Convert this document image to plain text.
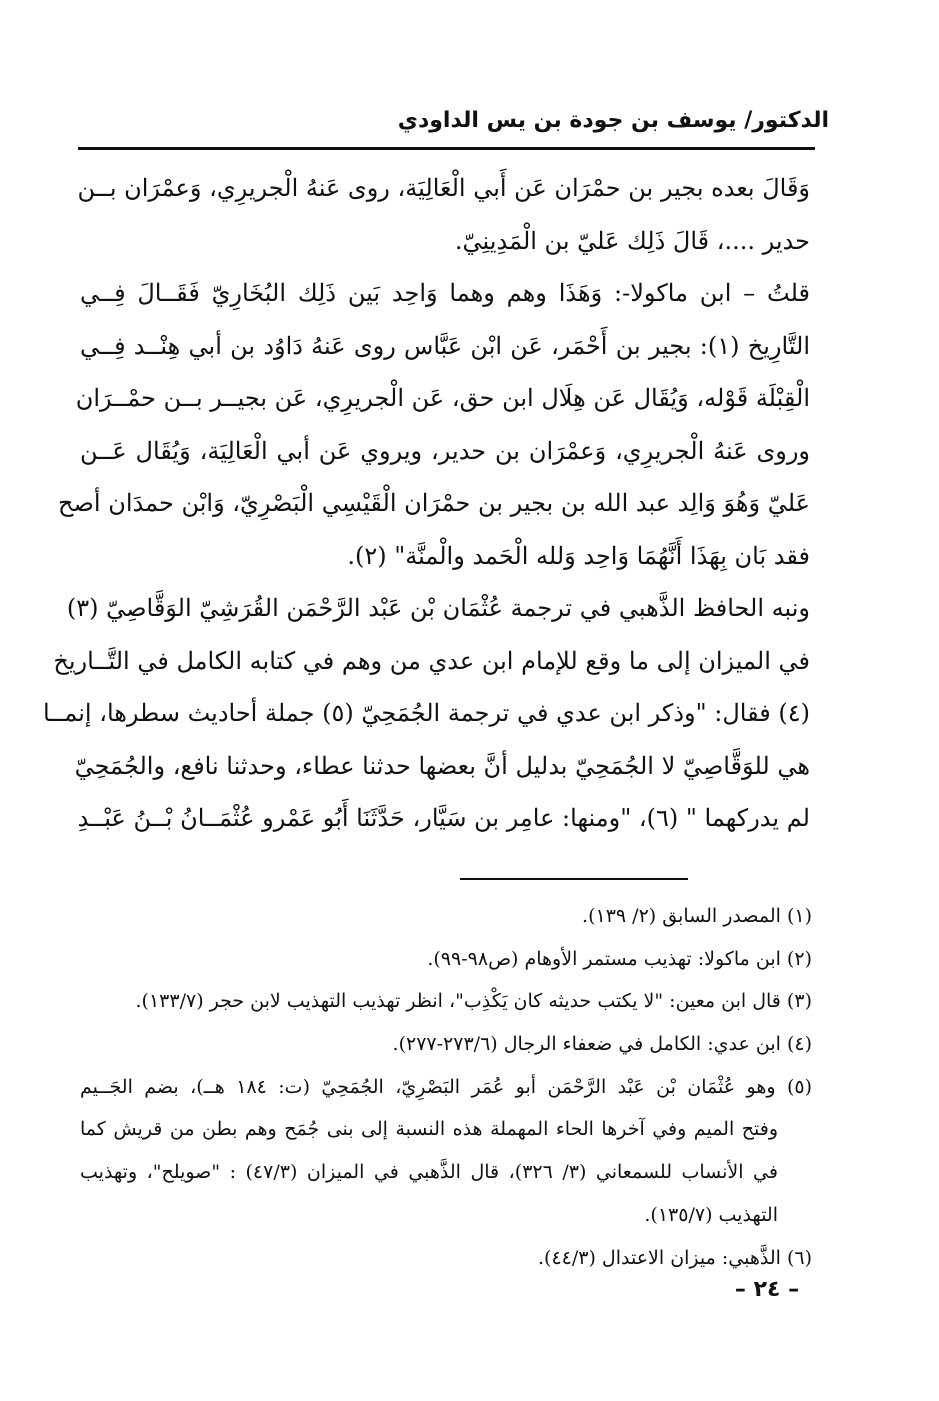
الدكتور/ يوسف بن جودة بن يس الداودي
وَقَالَ بعده بجير بن حمْرَان عَن أَبي الْعَالِيَة، روى عَنهُ الْجريرِي، وَعمْرَان بــن
حدير ....، قَالَ ذَلِك عَليّ بن الْمَدِينِيّ.
قلتُ – ابن ماكولا-: وَهَذَا وهم وهما وَاحِد بَين ذَلِك البُخَارِيّ فَقَــالَ فِــي
التَّارِيخ (١): بجير بن أَحْمَر، عَن ابْن عَبَّاس روى عَنهُ دَاوُد بن أبي هِنْــد فِــي
الْقِبْلَة قَوْله، وَيُقَال عَن هِلَال ابن حق، عَن الْجريرِي، عَن بجيــر بــن حمْــرَان
وروى عَنهُ الْجريرِي، وَعمْرَان بن حدير، ويروي عَن أبي الْعَالِيَة، وَيُقَال عَــن
عَليّ وَهُوَ وَالِد عبد الله بن بجير بن حمْرَان الْقَيْسِي الْبَصْرِيّ، وَابْن حمدَان أصح
فقد بَان بِهَذَا أَنَّهُمَا وَاحِد وَلله الْحَمد والْمنَّة" (٢).
ونبه الحافظ الذَّهبي في ترجمة عُثْمَان بْن عَبْد الرَّحْمَن القُرَشِيّ الوَقَّاصِيّ (٣)
في الميزان إلى ما وقع للإمام ابن عدي من وهم في كتابه الكامل في التَّــاريخ
(٤) فقال: "وذكر ابن عدي في ترجمة الجُمَحِيّ (٥) جملة أحاديث سطرها، إنمــا
هي للوَقَّاصِيّ لا الجُمَحِيّ بدليل أنَّ بعضها حدثنا عطاء، وحدثنا نافع، والجُمَحِيّ
لم يدركهما " (٦)، "ومنها: عامِر بن سَيَّار، حَدَّثَنَا أَبُو عَمْرو عُثْمَــانُ بْــنُ عَبْــدِ
(١) المصدر السابق (٢/ ١٣٩).
(٢) ابن ماكولا: تهذيب مستمر الأوهام (ص٩٨-٩٩).
(٣) قال ابن معين: "لا يكتب حديثه كان يَكْذِب"، انظر تهذيب التهذيب لابن حجر (١٣٣/٧).
(٤) ابن عدي: الكامل في ضعفاء الرجال (٢٧٣/٦-٢٧٧).
(٥) وهو عُثْمَان بْن عَبْد الرَّحْمَن أبو عُمَر البَصْرِيّ، الجُمَحِيّ (ت: ١٨٤ هــ)، بضم الجَــيم
وفتح الميم وفي آخرها الحاء المهملة هذه النسبة إلى بنى جُمَح وهم بطن من قريش كما
في الأنساب للسمعاني (٣/ ٣٢٦)، قال الذَّهبي في الميزان (٤٧/٣) : "صويلح"، وتهذيب
التهذيب (١٣٥/٧).
(٦) الذَّهبي: ميزان الاعتدال (٤٤/٣).
– ٢٤ –
